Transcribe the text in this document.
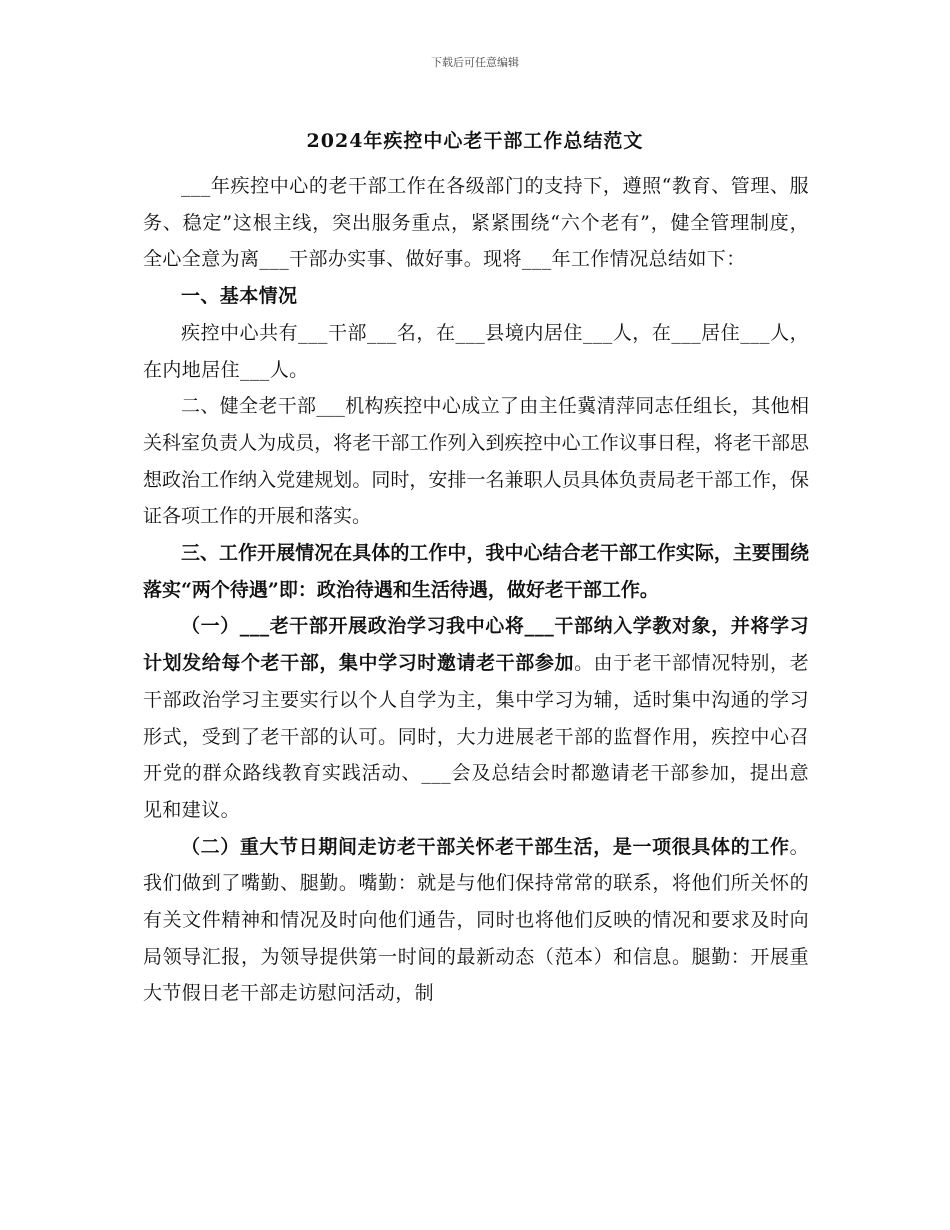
下载后可任意编辑
2024年疾控中心老干部工作总结范文

___年疾控中心的老干部工作在各级部门的支持下，遵照“教育、管理、服务、稳定”这根主线，突出服务重点，紧紧围绕“六个老有”，健全管理制度，全心全意为离___干部办实事、做好事。现将___年工作情况总结如下：

一、基本情况

疾控中心共有___干部___名，在___县境内居住___人，在___居住___人，在内地居住___人。

二、健全老干部___机构疾控中心成立了由主任冀清萍同志任组长，其他相关科室负责人为成员，将老干部工作列入到疾控中心工作议事日程，将老干部思想政治工作纳入党建规划。同时，安排一名兼职人员具体负责局老干部工作，保证各项工作的开展和落实。

三、工作开展情况在具体的工作中，我中心结合老干部工作实际，主要围绕落实“两个待遇”即：政治待遇和生活待遇，做好老干部工作。

（一）___老干部开展政治学习我中心将___干部纳入学教对象，并将学习计划发给每个老干部，集中学习时邀请老干部参加。由于老干部情况特别，老干部政治学习主要实行以个人自学为主，集中学习为辅，适时集中沟通的学习形式，受到了老干部的认可。同时，大力进展老干部的监督作用，疾控中心召开党的群众路线教育实践活动、___会及总结会时都邀请老干部参加，提出意见和建议。

（二）重大节日期间走访老干部关怀老干部生活，是一项很具体的工作。我们做到了嘴勤、腿勤。嘴勤：就是与他们保持常常的联系，将他们所关怀的有关文件精神和情况及时向他们通告，同时也将他们反映的情况和要求及时向局领导汇报，为领导提供第一时间的最新动态（范本）和信息。腿勤：开展重大节假日老干部走访慰问活动，制
